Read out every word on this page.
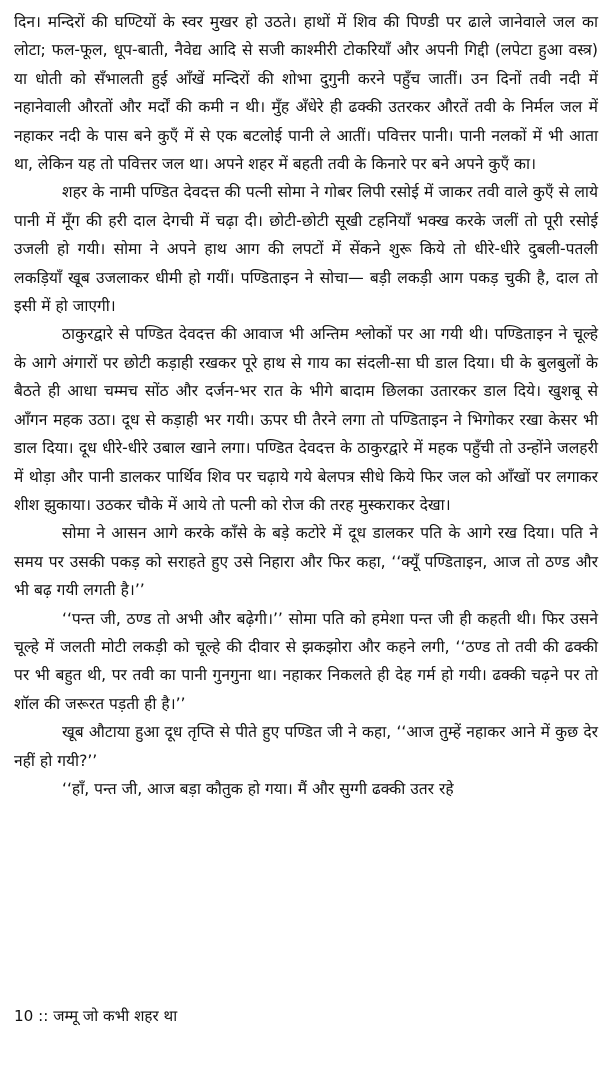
दिन। मन्दिरों की घण्टियों के स्वर मुखर हो उठते। हाथों में शिव की पिण्डी पर ढाले जानेवाले जल का लोटा; फल-फूल, धूप-बाती, नैवेद्य आदि से सजी काश्मीरी टोकरियाँ और अपनी गिद्दी (लपेटा हुआ वस्त्र) या धोती को सँभालती हुई आँखें मन्दिरों की शोभा दुगुनी करने पहुँच जातीं। उन दिनों तवी नदी में नहानेवाली औरतों और मर्दों की कमी न थी। मुँह अँधेरे ही ढक्की उतरकर औरतें तवी के निर्मल जल में नहाकर नदी के पास बने कुएँ में से एक बटलोई पानी ले आतीं। पवित्तर पानी। पानी नलकों में भी आता था, लेकिन यह तो पवित्तर जल था। अपने शहर में बहती तवी के किनारे पर बने अपने कुएँ का।

शहर के नामी पण्डित देवदत्त की पत्नी सोमा ने गोबर लिपी रसोई में जाकर तवी वाले कुएँ से लाये पानी में मूँग की हरी दाल देगची में चढ़ा दी। छोटी-छोटी सूखी टहनियाँ भक्ख करके जलीं तो पूरी रसोई उजली हो गयी। सोमा ने अपने हाथ आग की लपटों में सेंकने शुरू किये तो धीरे-धीरे दुबली-पतली लकड़ियाँ खूब उजलाकर धीमी हो गयीं। पण्डिताइन ने सोचा— बड़ी लकड़ी आग पकड़ चुकी है, दाल तो इसी में हो जाएगी।

ठाकुरद्वारे से पण्डित देवदत्त की आवाज भी अन्तिम श्लोकों पर आ गयी थी। पण्डिताइन ने चूल्हे के आगे अंगारों पर छोटी कड़ाही रखकर पूरे हाथ से गाय का संदली-सा घी डाल दिया। घी के बुलबुलों के बैठते ही आधा चम्मच सोंठ और दर्जन-भर रात के भीगे बादाम छिलका उतारकर डाल दिये। खुशबू से आँगन महक उठा। दूध से कड़ाही भर गयी। ऊपर घी तैरने लगा तो पण्डिताइन ने भिगोकर रखा केसर भी डाल दिया। दूध धीरे-धीरे उबाल खाने लगा। पण्डित देवदत्त के ठाकुरद्वारे में महक पहुँची तो उन्होंने जलहरी में थोड़ा और पानी डालकर पार्थिव शिव पर चढ़ाये गये बेलपत्र सीधे किये फिर जल को आँखों पर लगाकर शीश झुकाया। उठकर चौके में आये तो पत्नी को रोज की तरह मुस्कराकर देखा।

सोमा ने आसन आगे करके काँसे के बड़े कटोरे में दूध डालकर पति के आगे रख दिया। पति ने समय पर उसकी पकड़ को सराहते हुए उसे निहारा और फिर कहा, ‘‘क्यूँ पण्डिताइन, आज तो ठण्ड और भी बढ़ गयी लगती है।’’

‘‘पन्त जी, ठण्ड तो अभी और बढ़ेगी।’’ सोमा पति को हमेशा पन्त जी ही कहती थी। फिर उसने चूल्हे में जलती मोटी लकड़ी को चूल्हे की दीवार से झकझोरा और कहने लगी, ‘‘ठण्ड तो तवी की ढक्की पर भी बहुत थी, पर तवी का पानी गुनगुना था। नहाकर निकलते ही देह गर्म हो गयी। ढक्की चढ़ने पर तो शॉल की जरूरत पड़ती ही है।’’

खूब औटाया हुआ दूध तृप्ति से पीते हुए पण्डित जी ने कहा, ‘‘आज तुम्हें नहाकर आने में कुछ देर नहीं हो गयी?’’

‘‘हाँ, पन्त जी, आज बड़ा कौतुक हो गया। मैं और सुग्गी ढक्की उतर रहे

10 :: जम्मू जो कभी शहर था
